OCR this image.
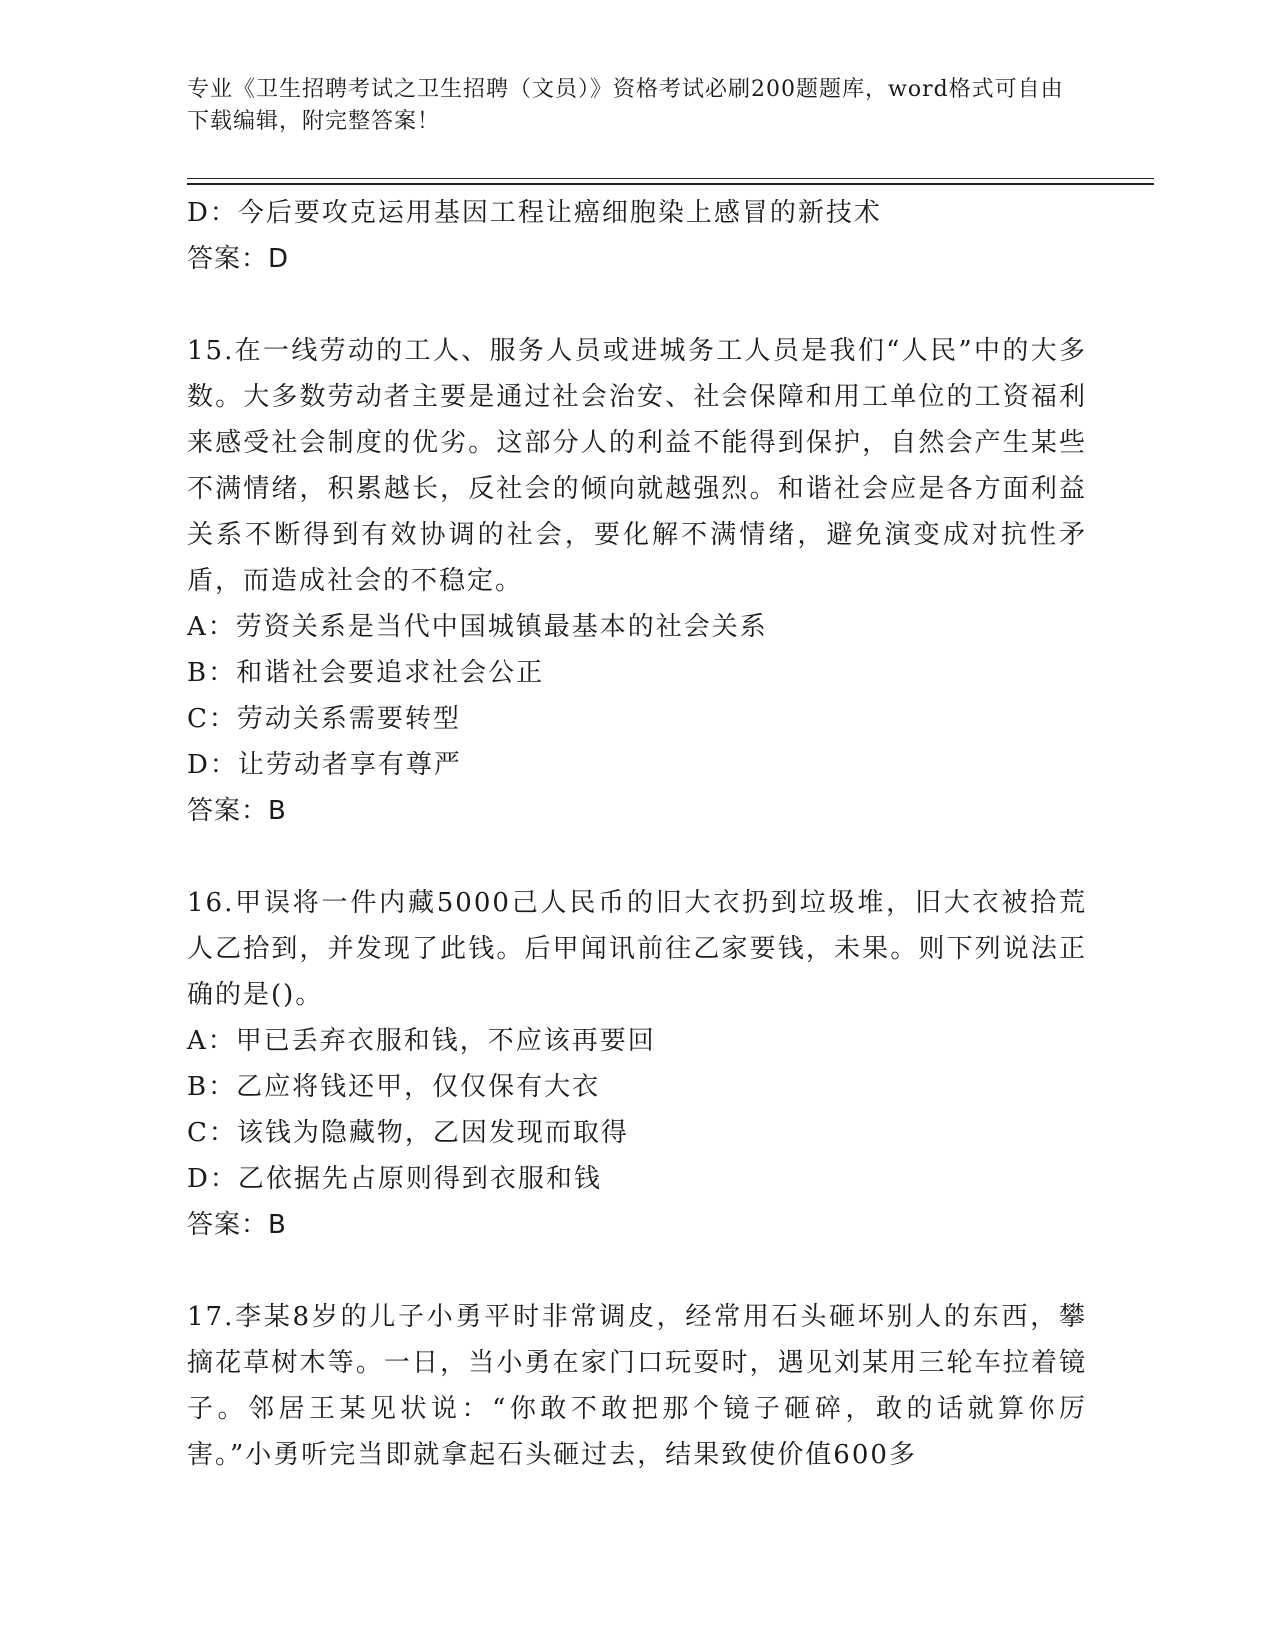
专业《卫生招聘考试之卫生招聘（文员）》资格考试必刷200题题库，word格式可自由下载编辑，附完整答案！
D：今后要攻克运用基因工程让癌细胞染上感冒的新技术
答案：D
15.在一线劳动的工人、服务人员或进城务工人员是我们“人民”中的大多数。大多数劳动者主要是通过社会治安、社会保障和用工单位的工资福利来感受社会制度的优劣。这部分人的利益不能得到保护，自然会产生某些不满情绪，积累越长，反社会的倾向就越强烈。和谐社会应是各方面利益关系不断得到有效协调的社会，要化解不满情绪，避免演变成对抗性矛盾，而造成社会的不稳定。
A：劳资关系是当代中国城镇最基本的社会关系
B：和谐社会要追求社会公正
C：劳动关系需要转型
D：让劳动者享有尊严
答案：B
16.甲误将一件内藏5000己人民币的旧大衣扔到垃圾堆，旧大衣被拾荒人乙拾到，并发现了此钱。后甲闻讯前往乙家要钱，未果。则下列说法正确的是()。
A：甲已丢弃衣服和钱，不应该再要回
B：乙应将钱还甲，仅仅保有大衣
C：该钱为隐藏物，乙因发现而取得
D：乙依据先占原则得到衣服和钱
答案：B
17.李某8岁的儿子小勇平时非常调皮，经常用石头砸坏别人的东西，攀摘花草树木等。一日，当小勇在家门口玩耍时，遇见刘某用三轮车拉着镜子。邻居王某见状说：“你敢不敢把那个镜子砸碎，敢的话就算你厉害。”小勇听完当即就拿起石头砸过去，结果致使价值600多
